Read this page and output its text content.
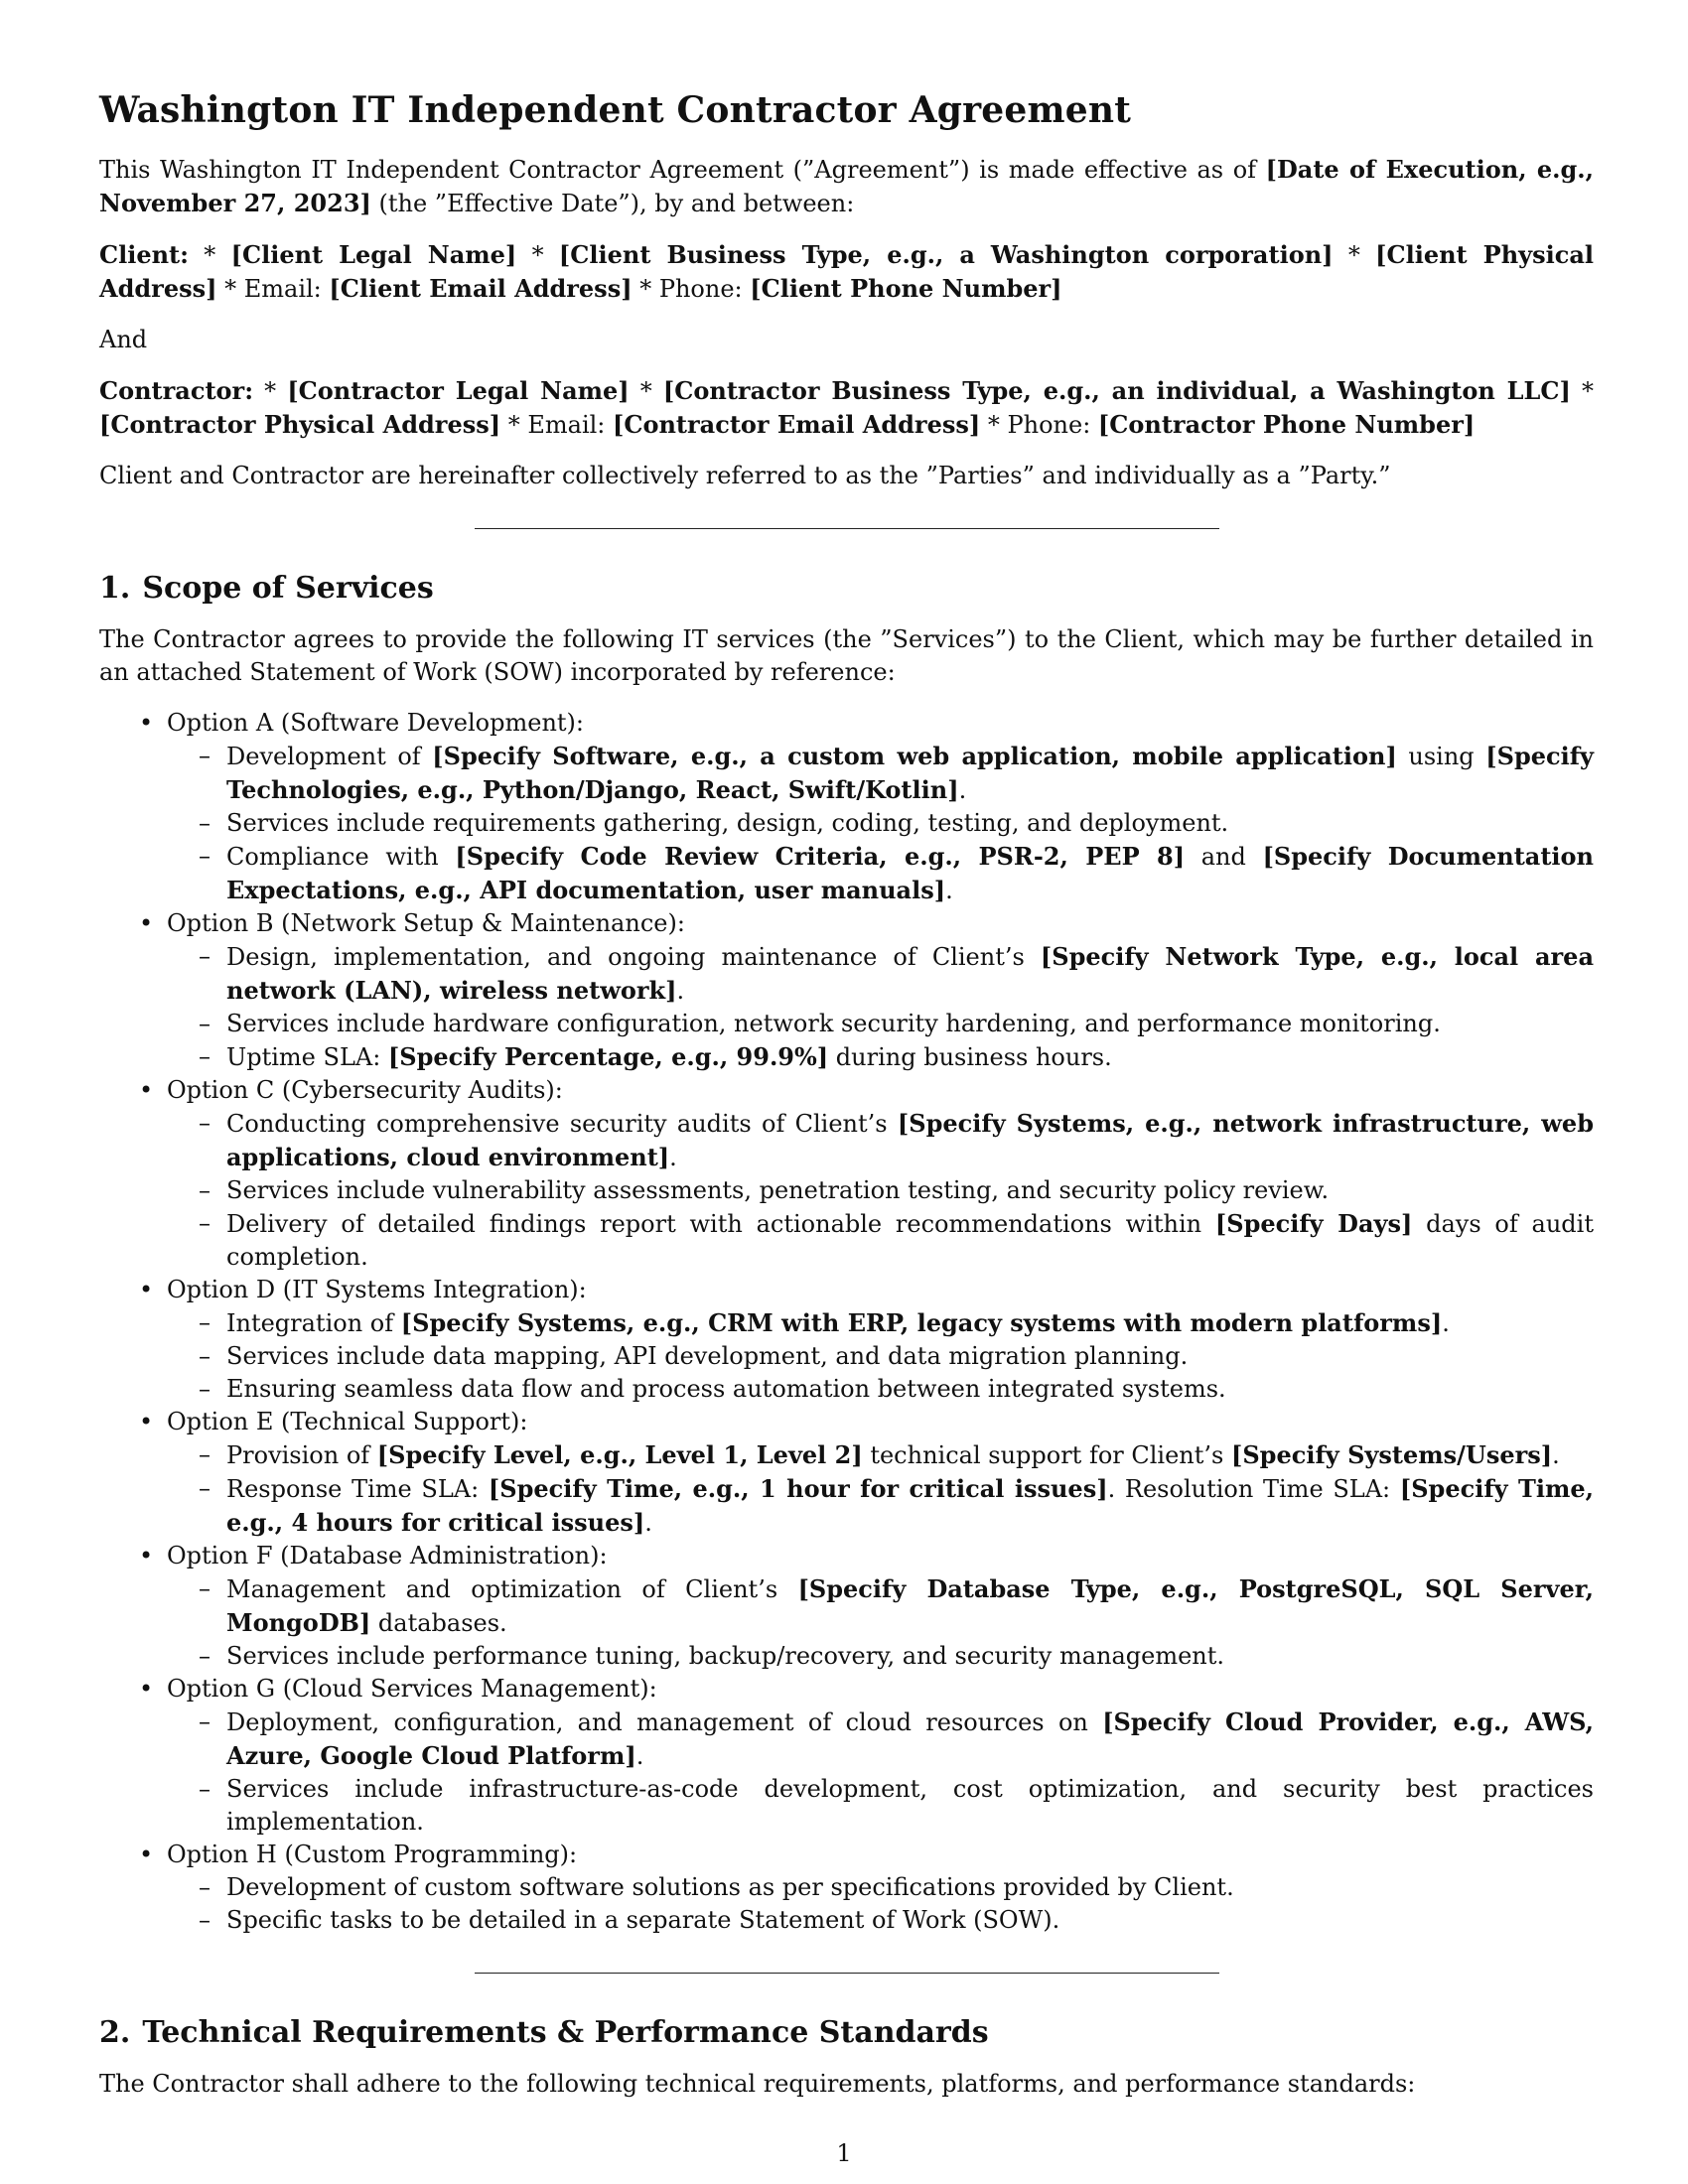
Washington IT Independent Contractor Agreement

This Washington IT Independent Contractor Agreement (”Agreement”) is made effective as of [Date of Execution, e.g., November 27, 2023] (the ”Effective Date”), by and between:

Client: * [Client Legal Name] * [Client Business Type, e.g., a Washington corporation] * [Client Physical Address] * Email: [Client Email Address] * Phone: [Client Phone Number]

And

Contractor: * [Contractor Legal Name] * [Contractor Business Type, e.g., an individual, a Washington LLC] * [Contractor Physical Address] * Email: [Contractor Email Address] * Phone: [Contractor Phone Number]

Client and Contractor are hereinafter collectively referred to as the ”Parties” and individually as a ”Party.”

1. Scope of Services

The Contractor agrees to provide the following IT services (the ”Services”) to the Client, which may be further detailed in an attached Statement of Work (SOW) incorporated by reference:

• Option A (Software Development):
– Development of [Specify Software, e.g., a custom web application, mobile application] using [Specify Technologies, e.g., Python/Django, React, Swift/Kotlin].
– Services include requirements gathering, design, coding, testing, and deployment.
– Compliance with [Specify Code Review Criteria, e.g., PSR-2, PEP 8] and [Specify Documentation Expectations, e.g., API documentation, user manuals].
• Option B (Network Setup & Maintenance):
– Design, implementation, and ongoing maintenance of Client’s [Specify Network Type, e.g., local area network (LAN), wireless network].
– Services include hardware configuration, network security hardening, and performance monitoring.
– Uptime SLA: [Specify Percentage, e.g., 99.9%] during business hours.
• Option C (Cybersecurity Audits):
– Conducting comprehensive security audits of Client’s [Specify Systems, e.g., network infrastructure, web applications, cloud environment].
– Services include vulnerability assessments, penetration testing, and security policy review.
– Delivery of detailed findings report with actionable recommendations within [Specify Days] days of audit completion.
• Option D (IT Systems Integration):
– Integration of [Specify Systems, e.g., CRM with ERP, legacy systems with modern platforms].
– Services include data mapping, API development, and data migration planning.
– Ensuring seamless data flow and process automation between integrated systems.
• Option E (Technical Support):
– Provision of [Specify Level, e.g., Level 1, Level 2] technical support for Client’s [Specify Systems/Users].
– Response Time SLA: [Specify Time, e.g., 1 hour for critical issues]. Resolution Time SLA: [Specify Time, e.g., 4 hours for critical issues].
• Option F (Database Administration):
– Management and optimization of Client’s [Specify Database Type, e.g., PostgreSQL, SQL Server, MongoDB] databases.
– Services include performance tuning, backup/recovery, and security management.
• Option G (Cloud Services Management):
– Deployment, configuration, and management of cloud resources on [Specify Cloud Provider, e.g., AWS, Azure, Google Cloud Platform].
– Services include infrastructure-as-code development, cost optimization, and security best practices implementation.
• Option H (Custom Programming):
– Development of custom software solutions as per specifications provided by Client.
– Specific tasks to be detailed in a separate Statement of Work (SOW).
2. Technical Requirements & Performance Standards

The Contractor shall adhere to the following technical requirements, platforms, and performance standards:

1
